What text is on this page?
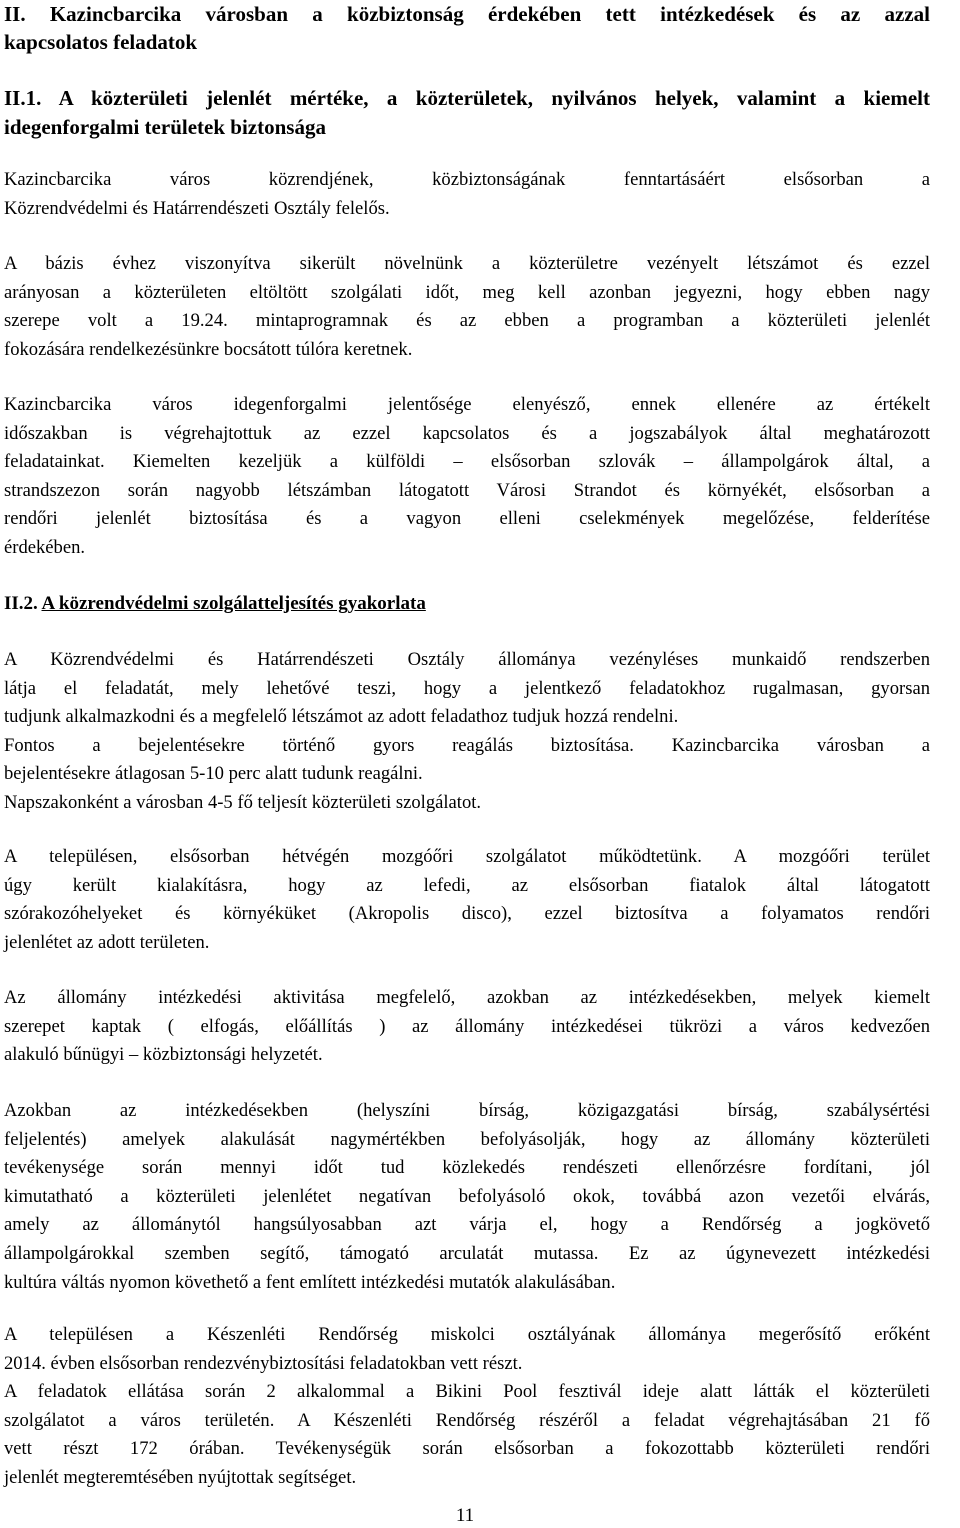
II. Kazincbarcika városban a közbiztonság érdekében tett intézkedések és az azzal
kapcsolatos feladatok
II.1. A közterületi jelenlét mértéke, a közterületek, nyilvános helyek, valamint a kiemelt
idegenforgalmi területek biztonsága
Kazincbarcika város közrendjének, közbiztonságának fenntartásáért elsősorban a
Közrendvédelmi és Határrendészeti Osztály felelős.
A bázis évhez viszonyítva sikerült növelnünk a közterületre vezényelt létszámot és ezzel
arányosan a közterületen eltöltött szolgálati időt, meg kell azonban jegyezni, hogy ebben nagy
szerepe volt a 19.24. mintaprogramnak és az ebben a programban a közterületi jelenlét
fokozására rendelkezésünkre bocsátott túlóra keretnek.
Kazincbarcika város idegenforgalmi jelentősége elenyésző, ennek ellenére az értékelt
időszakban is végrehajtottuk az ezzel kapcsolatos és a jogszabályok által meghatározott
feladatainkat. Kiemelten kezeljük a külföldi – elsősorban szlovák – állampolgárok által, a
strandszezon során nagyobb létszámban látogatott Városi Strandot és környékét, elsősorban a
rendőri jelenlét biztosítása és a vagyon elleni cselekmények megelőzése, felderítése
érdekében.
II.2. A közrendvédelmi szolgálatteljesítés gyakorlata
A Közrendvédelmi és Határrendészeti Osztály állománya vezényléses munkaidő rendszerben
látja el feladatát, mely lehetővé teszi, hogy a jelentkező feladatokhoz rugalmasan, gyorsan
tudjunk alkalmazkodni és a megfelelő létszámot az adott feladathoz tudjuk hozzá rendelni.
Fontos a bejelentésekre történő gyors reagálás biztosítása. Kazincbarcika városban a
bejelentésekre átlagosan 5-10 perc alatt tudunk reagálni.
Napszakonként a városban 4-5 fő teljesít közterületi szolgálatot.
A településen, elsősorban hétvégén mozgóőri szolgálatot működtetünk. A mozgóőri terület
úgy került kialakításra, hogy az lefedi, az elsősorban fiatalok által látogatott
szórakozóhelyeket és környéküket (Akropolis disco), ezzel biztosítva a folyamatos rendőri
jelenlétet az adott területen.
Az állomány intézkedési aktivitása megfelelő, azokban az intézkedésekben, melyek kiemelt
szerepet kaptak ( elfogás, előállítás ) az állomány intézkedései tükrözi a város kedvezően
alakuló bűnügyi – közbiztonsági helyzetét.
Azokban az intézkedésekben (helyszíni bírság, közigazgatási bírság, szabálysértési
feljelentés) amelyek alakulását nagymértékben befolyásolják, hogy az állomány közterületi
tevékenysége során mennyi időt tud közlekedés rendészeti ellenőrzésre fordítani, jól
kimutatható a közterületi jelenlétet negatívan befolyásoló okok, továbbá azon vezetői elvárás,
amely az állománytól hangsúlyosabban azt várja el, hogy a Rendőrség a jogkövető
állampolgárokkal szemben segítő, támogató arculatát mutassa. Ez az úgynevezett intézkedési
kultúra váltás nyomon követhető a fent említett intézkedési mutatók alakulásában.
A településen a Készenléti Rendőrség miskolci osztályának állománya megerősítő erőként
2014. évben elsősorban rendezvénybiztosítási feladatokban vett részt.
A feladatok ellátása során 2 alkalommal a Bikini Pool fesztivál ideje alatt látták el közterületi
szolgálatot a város területén. A Készenléti Rendőrség részéről a feladat végrehajtásában 21 fő
vett részt 172 órában. Tevékenységük során elsősorban a fokozottabb közterületi rendőri
jelenlét megteremtésében nyújtottak segítséget.
11
